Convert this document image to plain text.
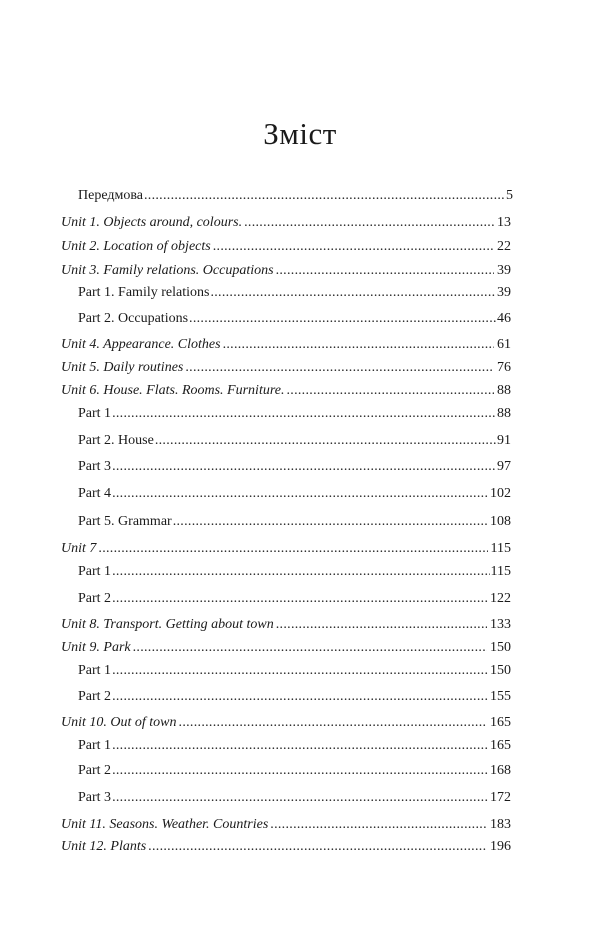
Зміст
Передмова .....	5
Unit 1. Objects around, colours. .....	13
Unit 2. Location of objects .....	22
Unit 3. Family relations. Occupations .....	39
Part 1. Family relations .....	39
Part 2. Occupations .....	46
Unit 4. Appearance. Clothes .....	61
Unit 5. Daily routines .....	76
Unit 6. House. Flats. Rooms. Furniture. .....	88
Part 1 .....	88
Part 2. House .....	91
Part 3 .....	97
Part 4 .....	102
Part 5. Grammar .....	108
Unit 7 .....	115
Part 1 .....	115
Part 2 .....	122
Unit 8. Transport. Getting about town .....	133
Unit 9. Park .....	150
Part 1 .....	150
Part 2 .....	155
Unit 10. Out of town .....	165
Part 1 .....	165
Part 2 .....	168
Part 3 .....	172
Unit 11. Seasons. Weather. Countries .....	183
Unit 12. Plants .....	196
